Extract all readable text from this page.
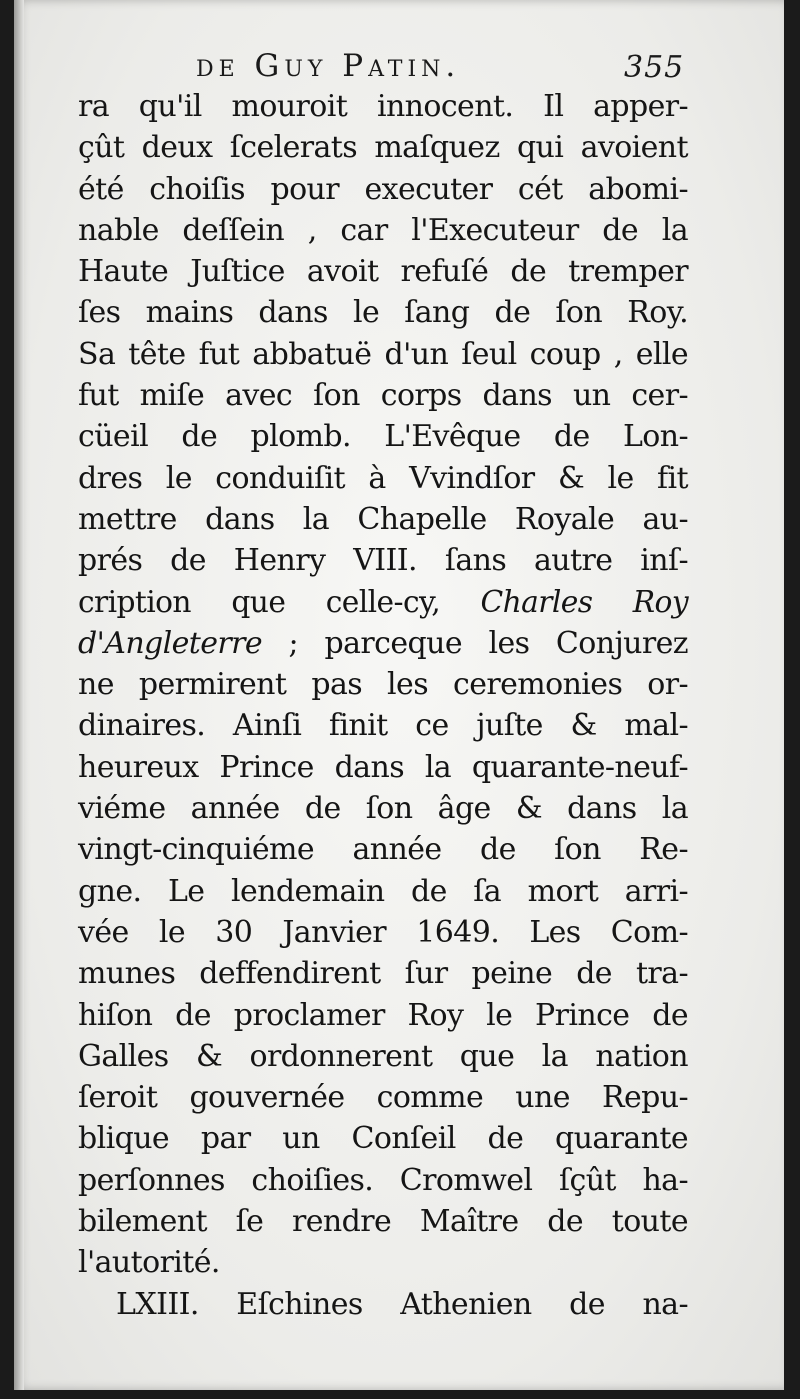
de Guy Patin.	355
ra qu'il mouroit innocent. Il apper-
çût deux ſcelerats maſquez qui avoient
été choiſis pour executer cét abomi-
nable deſſein , car l'Executeur de la
Haute Juſtice avoit refuſé de tremper
ſes mains dans le ſang de ſon Roy.
Sa tête fut abbatuë d'un ſeul coup , elle
fut miſe avec ſon corps dans un cer-
cüeil de plomb. L'Evêque de Lon-
dres le conduiſit à Vvindſor & le fit
mettre dans la Chapelle Royale au-
prés de Henry VIII. ſans autre inſ-
cription que celle-cy, Charles Roy
d'Angleterre ; parceque les Conjurez
ne permirent pas les ceremonies or-
dinaires. Ainſi finit ce juſte & mal-
heureux Prince dans la quarante-neuf-
viéme année de ſon âge & dans la
vingt-cinquiéme année de ſon Re-
gne. Le lendemain de ſa mort arri-
vée le 30 Janvier 1649. Les Com-
munes deffendirent ſur peine de tra-
hiſon de proclamer Roy le Prince de
Galles & ordonnerent que la nation
ſeroit gouvernée comme une Repu-
blique par un Conſeil de quarante
perſonnes choiſies. Cromwel ſçût ha-
bilement ſe rendre Maître de toute
l'autorité.
LXIII. Eſchines Athenien de na-
